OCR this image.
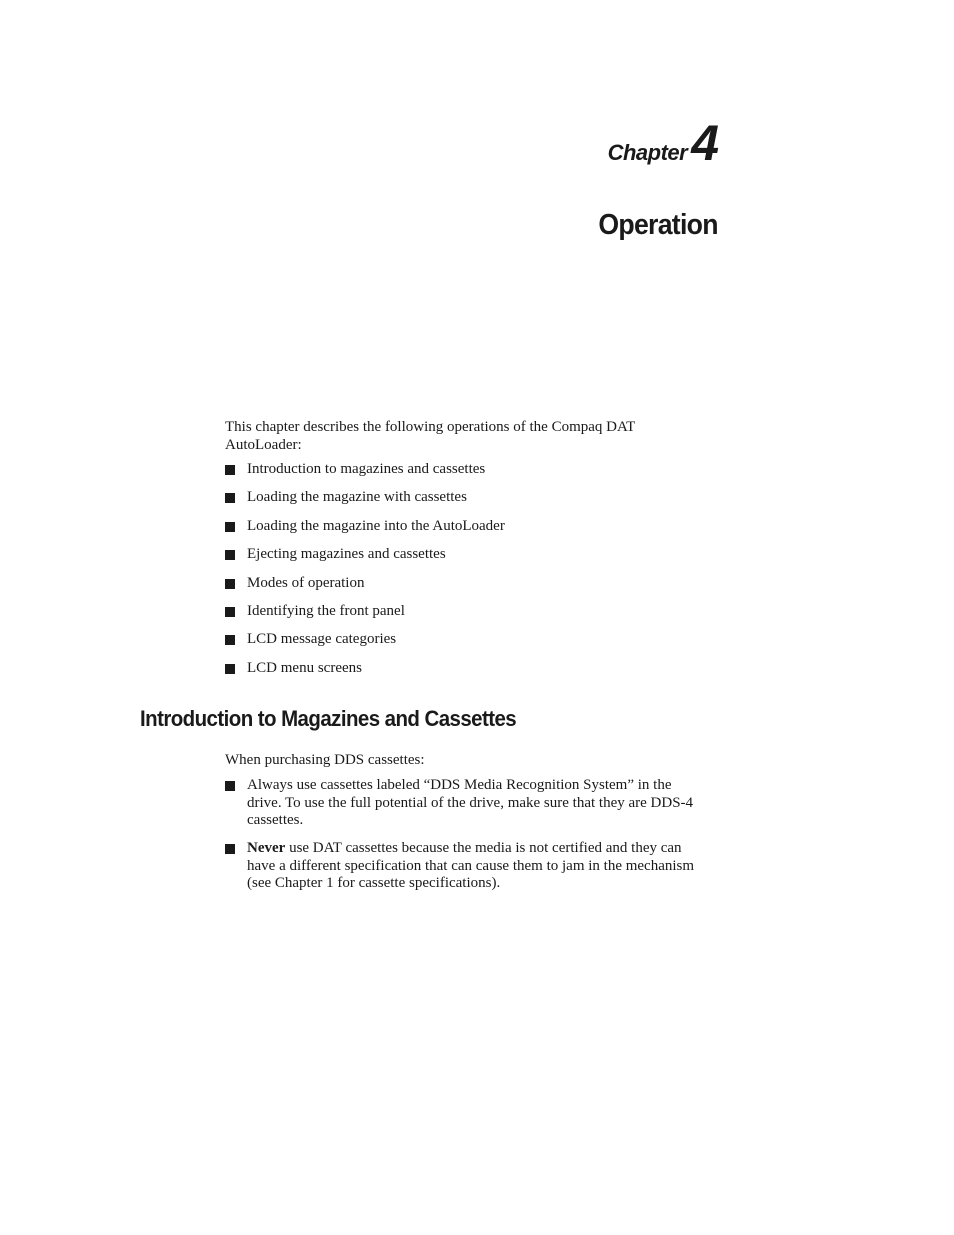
Chapter4
Operation
This chapter describes the following operations of the Compaq DAT AutoLoader:
Introduction to magazines and cassettes
Loading the magazine with cassettes
Loading the magazine into the AutoLoader
Ejecting magazines and cassettes
Modes of operation
Identifying the front panel
LCD message categories
LCD menu screens
Introduction to Magazines and Cassettes
When purchasing DDS cassettes:
Always use cassettes labeled “DDS Media Recognition System” in the drive. To use the full potential of the drive, make sure that they are DDS-4 cassettes.
Never use DAT cassettes because the media is not certified and they can have a different specification that can cause them to jam in the mechanism (see Chapter 1 for cassette specifications).
